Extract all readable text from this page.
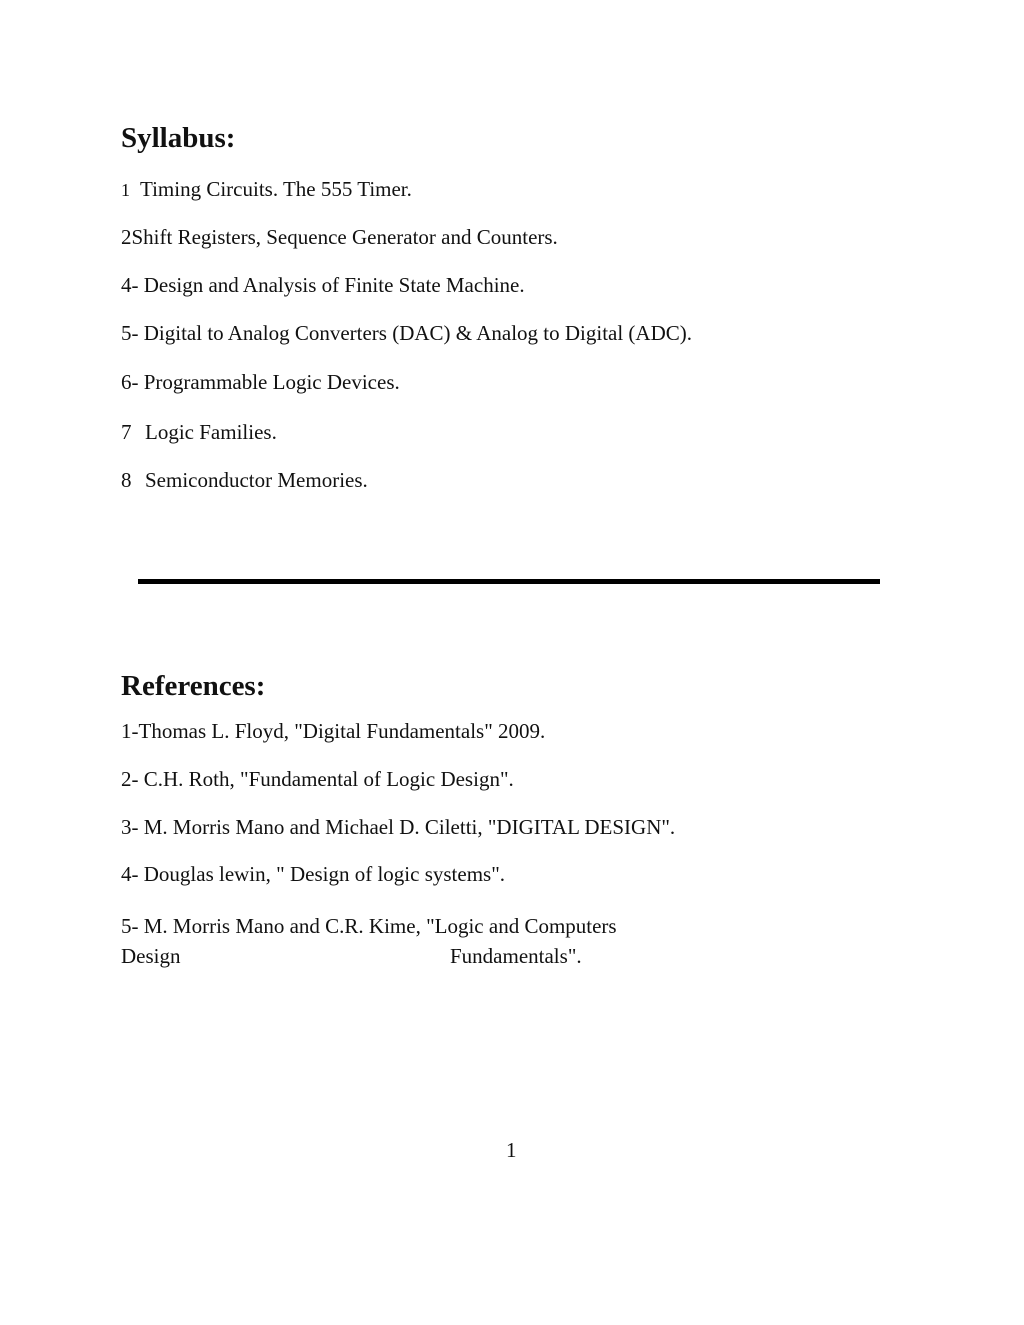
Syllabus:

1 Timing Circuits. The 555 Timer.

2Shift Registers, Sequence Generator and Counters.

4- Design and Analysis of Finite State Machine.

5- Digital to Analog Converters (DAC) & Analog to Digital (ADC).

6- Programmable Logic Devices.

7 Logic Families.

8 Semiconductor Memories.

References:

1-Thomas L. Floyd, "Digital Fundamentals" 2009.

2- C.H. Roth, "Fundamental of Logic Design".

3- M. Morris Mano and Michael D. Ciletti, "DIGITAL DESIGN".

4- Douglas lewin, " Design of logic systems".

5- M. Morris Mano and C.R. Kime, "Logic and Computers

Design	Fundamentals".
1
